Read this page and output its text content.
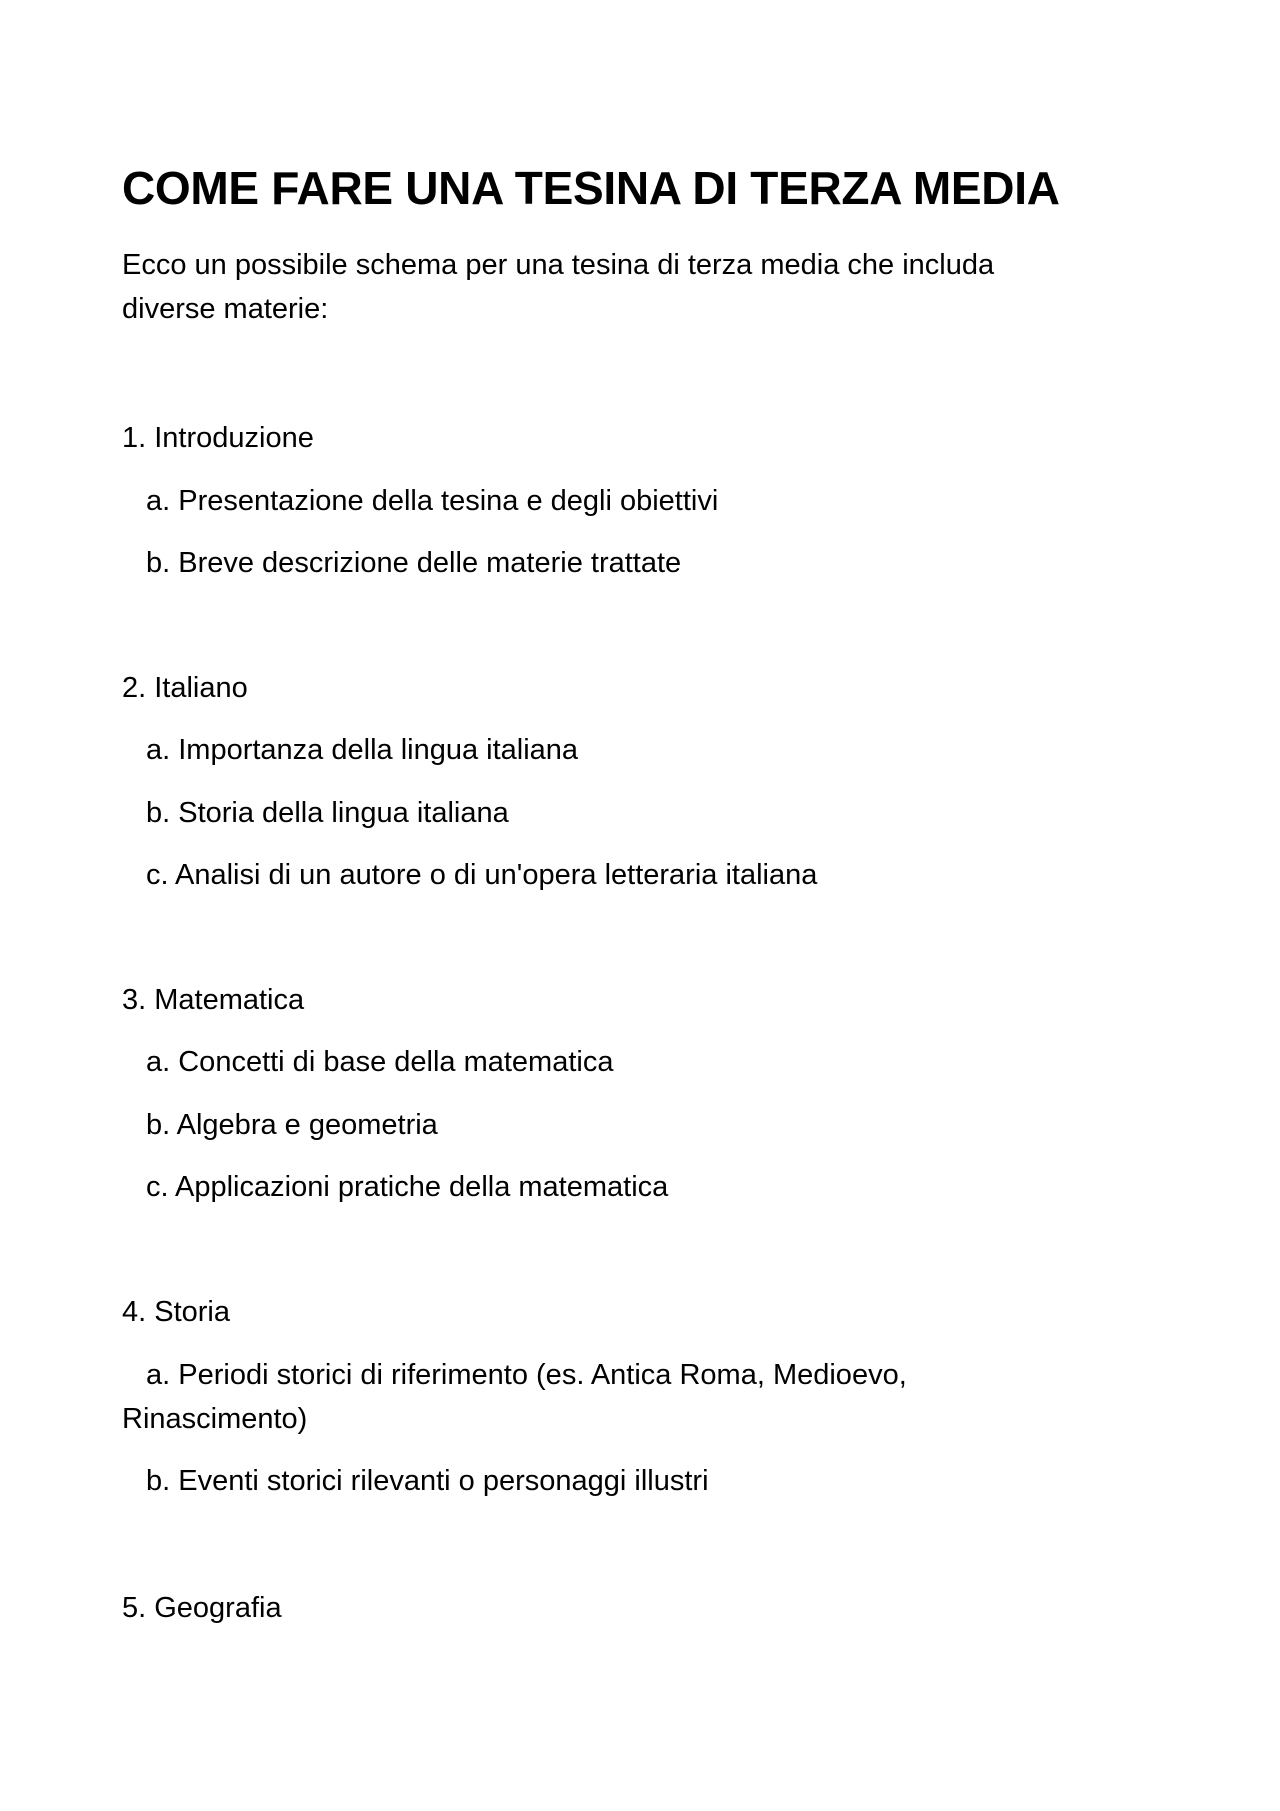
COME FARE UNA TESINA DI TERZA MEDIA

Ecco un possibile schema per una tesina di terza media che includa diverse materie:

1. Introduzione

a. Presentazione della tesina e degli obiettivi

b. Breve descrizione delle materie trattate

2. Italiano

a. Importanza della lingua italiana

b. Storia della lingua italiana

c. Analisi di un autore o di un'opera letteraria italiana

3. Matematica

a. Concetti di base della matematica

b. Algebra e geometria

c. Applicazioni pratiche della matematica

4. Storia

a. Periodi storici di riferimento (es. Antica Roma, Medioevo,

Rinascimento)

b. Eventi storici rilevanti o personaggi illustri

5. Geografia
